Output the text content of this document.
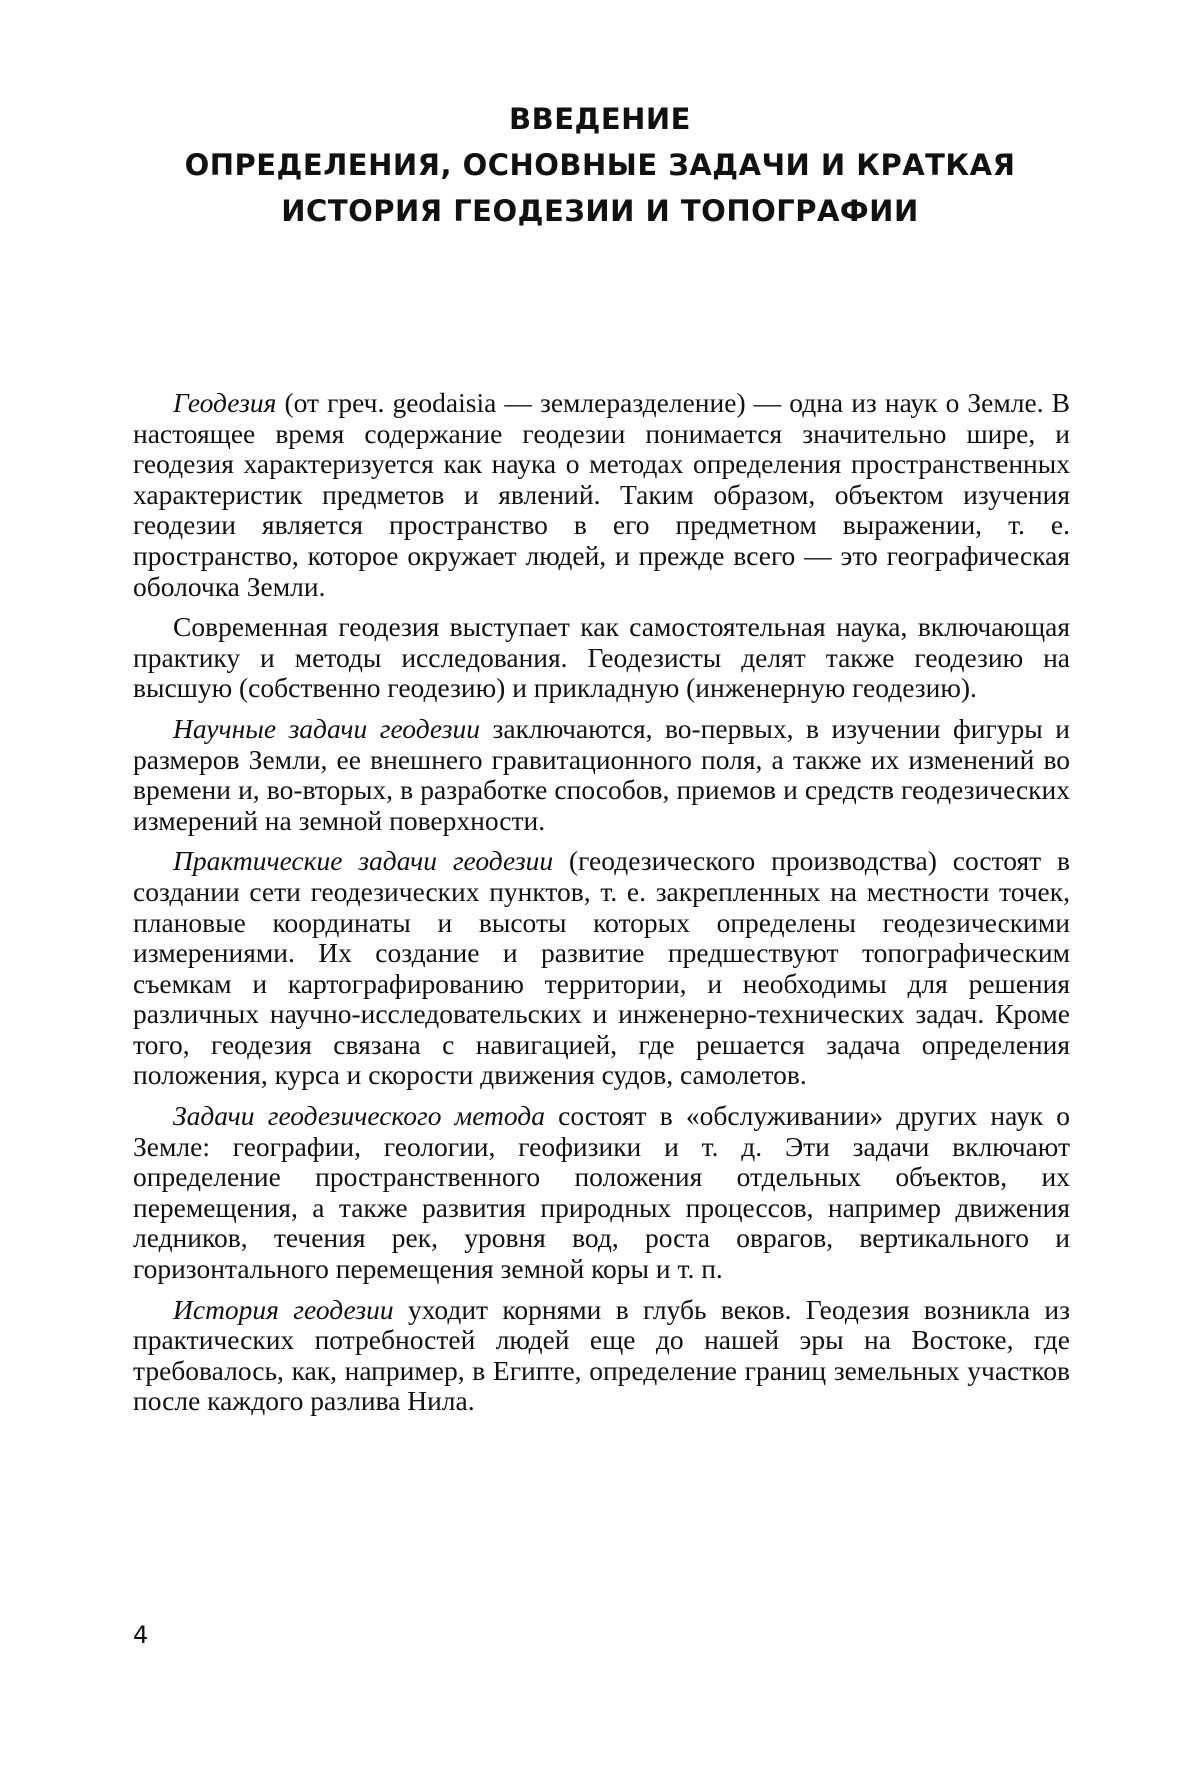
ВВЕДЕНИЕ
ОПРЕДЕЛЕНИЯ, ОСНОВНЫЕ ЗАДАЧИ И КРАТКАЯ
ИСТОРИЯ ГЕОДЕЗИИ И ТОПОГРАФИИ

Геодезия (от греч. geodaisia — землеразделение) — одна из наук о Земле. В настоящее время содержание геодезии понимается значительно шире, и геодезия характеризуется как наука о методах определения пространственных характеристик предметов и явлений. Таким образом, объектом изучения геодезии является пространство в его предметном выражении, т. е. пространство, которое окружает людей, и прежде всего — это географическая оболочка Земли.

Современная геодезия выступает как самостоятельная наука, включающая практику и методы исследования. Геодезисты делят также геодезию на высшую (собственно геодезию) и прикладную (инженерную геодезию).

Научные задачи геодезии заключаются, во-первых, в изучении фигуры и размеров Земли, ее внешнего гравитационного поля, а также их изменений во времени и, во-вторых, в разработке способов, приемов и средств геодезических измерений на земной поверхности.

Практические задачи геодезии (геодезического производства) состоят в создании сети геодезических пунктов, т. е. закрепленных на местности точек, плановые координаты и высоты которых определены геодезическими измерениями. Их создание и развитие предшествуют топографическим съемкам и картографированию территории, и необходимы для решения различных научно-исследовательских и инженерно-технических задач. Кроме того, геодезия связана с навигацией, где решается задача определения положения, курса и скорости движения судов, самолетов.

Задачи геодезического метода состоят в «обслуживании» других наук о Земле: географии, геологии, геофизики и т. д. Эти задачи включают определение пространственного положения отдельных объектов, их перемещения, а также развития природных процессов, например движения ледников, течения рек, уровня вод, роста оврагов, вертикального и горизонтального перемещения земной коры и т. п.

История геодезии уходит корнями в глубь веков. Геодезия возникла из практических потребностей людей еще до нашей эры на Востоке, где требовалось, как, например, в Египте, определение границ земельных участков после каждого разлива Нила.

4
